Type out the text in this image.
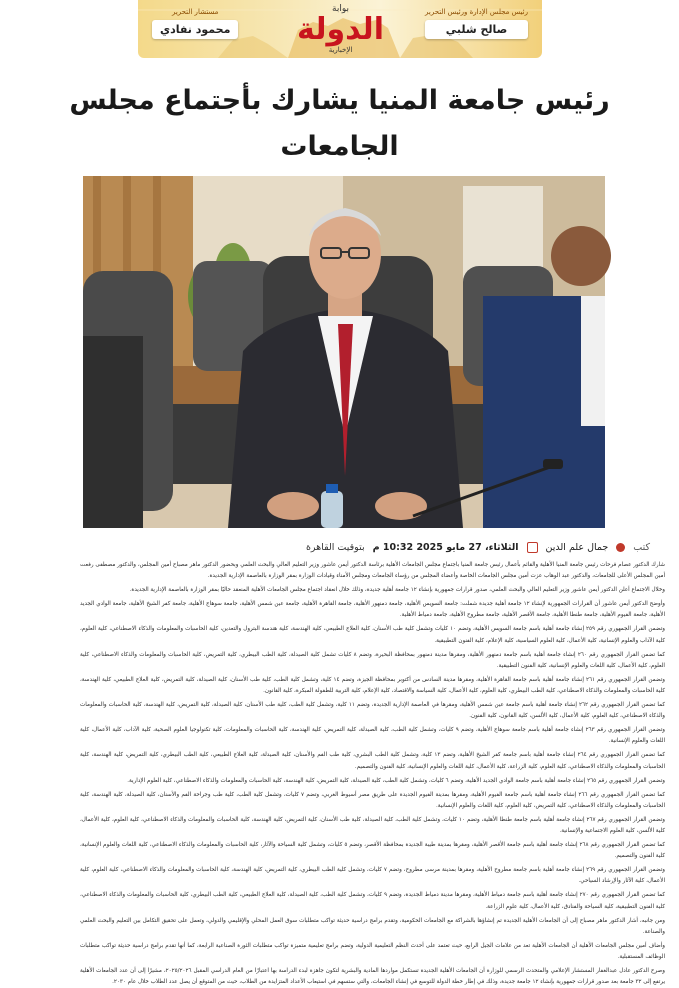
مستشار التحرير
محمود نفادي
بوابة
الدولة
الإخبارية
رئيس مجلس الإدارة ورئيس التحرير
صالح شلبي
رئيس جامعة المنيا يشارك بأجتماع مجلس الجامعات
كتب
جمال علم الدين
الثلاثاء، 27 مايو 2025 10:32 م
بتوقيت القاهرة

شارك الدكتور عصام فرحات رئيس جامعة المنيا الأهلية والقائم بأعمال رئيس جامعة المنيا باجتماع مجلس الجامعات الأهلية برئاسة الدكتور أيمن عاشور وزير التعليم العالي والبحث العلمي وبحضور الدكتور ماهر مصباح أمين المجلس، والدكتور مصطفى رفعت أمين المجلس الأعلى للجامعات، والدكتور عبد الوهاب عزت أمين مجلس الجامعات الخاصة وأعضاء المجلس من رؤساء الجامعات ومجلس الأمناء وقيادات الوزارة بمقر الوزارة بالعاصمة الإدارية الجديدة.

وخلال الاجتماع أعلن الدكتور أيمن عاشور وزير التعليم العالي والبحث العلمي، صدور قرارات جمهورية بإنشاء ١٢ جامعة أهلية جديدة، وذلك خلال انعقاد اجتماع مجلس الجامعات الأهلية المنعقد حاليًا بمقر الوزارة بالعاصمة الإدارية الجديدة.

وأوضح الدكتور أيمن عاشور أن القرارات الجمهورية لإنشاء ١٢ جامعة أهلية جديدة شملت: جامعة السويس الأهلية، جامعة دمنهور الأهلية، جامعة القاهرة الأهلية، جامعة عين شمس الأهلية، جامعة سوهاج الأهلية، جامعة كفر الشيخ الأهلية، جامعة الوادي الجديد الأهلية، جامعة الفيوم الأهلية، جامعة طنطا الأهلية، جامعة الأقصر الأهلية، جامعة مطروح الأهلية، جامعة دمياط الأهلية.

وتضمن القرار الجمهوري رقم ٢٥٩ إنشاء جامعة أهلية باسم جامعة السويس الأهلية، وتضم ١٠ كليات وتشمل كلية طب الأسنان، كلية العلاج الطبيعي، كلية الهندسة، كلية هندسة البترول والتعدين، كلية الحاسبات والمعلومات والذكاء الاصطناعي، كلية العلوم، كلية الآداب والعلوم الإنسانية، كلية الأعمال، كلية العلوم السياسية، كلية الإعلام، كلية الفنون التطبيقية.

كما تضمن القرار الجمهوري رقم ٢٦٠ إنشاء جامعة أهلية باسم جامعة دمنهور الأهلية، ومقرها مدينة دمنهور بمحافظة البحيرة، وتضم ٨ كليات تشمل كلية الصيدلة، كلية الطب البيطري، كلية التمريض، كلية الحاسبات والمعلومات والذكاء الاصطناعي، كلية العلوم، كلية الأعمال، كلية اللغات والعلوم الإنسانية، كلية الفنون التطبيقية.

وتضمن القرار الجمهوري رقم ٢٦١ إنشاء جامعة أهلية باسم جامعة القاهرة الأهلية، ومقرها مدينة السادس من أكتوبر بمحافظة الجيزة، وتضم ١٤ كلية، وتشمل كلية الطب، كلية طب الأسنان، كلية الصيدلة، كلية التمريض، كلية العلاج الطبيعي، كلية الهندسة، كلية الحاسبات والمعلومات والذكاء الاصطناعي، كلية الطب البيطري، كلية العلوم، كلية الأعمال، كلية السياسة والاقتصاد، كلية الإعلام، كلية التربية للطفولة المبكرة، كلية القانون.

كما تضمن القرار الجمهوري رقم ٢٦٢ إنشاء جامعة أهلية باسم جامعة عين شمس الأهلية، ومقرها في العاصمة الإدارية الجديدة، وتضم ١١ كلية، وتشمل كلية الطب، كلية طب الأسنان، كلية الصيدلة، كلية التمريض، كلية الهندسة، كلية الحاسبات والمعلومات والذكاء الاصطناعي، كلية العلوم، كلية الأعمال، كلية الألسن، كلية القانون، كلية الفنون.

وتضمن القرار الجمهوري رقم ٢٦٣ إنشاء جامعة أهلية باسم جامعة سوهاج الأهلية، وتضم ٩ كليات، وتشمل كلية الطب، كلية الصيدلة، كلية التمريض، كلية الهندسة، كلية الحاسبات والمعلومات، كلية تكنولوجيا العلوم الصحية، كلية الآداب، كلية الأعمال، كلية اللغات والعلوم الإنسانية.

كما تضمن القرار الجمهوري رقم ٢٦٤ إنشاء جامعة أهلية باسم جامعة كفر الشيخ الأهلية، وتضم ١٣ كلية، وتشمل كلية الطب البشري، كلية طب الفم والأسنان، كلية الصيدلة، كلية العلاج الطبيعي، كلية الطب البيطري، كلية التمريض، كلية الهندسة، كلية الحاسبات والمعلومات والذكاء الاصطناعي، كلية العلوم، كلية الزراعة، كلية الأعمال، كلية اللغات والعلوم الإنسانية، كلية الفنون والتصميم.

وتضمن القرار الجمهوري رقم ٢٦٥ إنشاء جامعة أهلية باسم جامعة الوادي الجديد الأهلية، وتضم ٦ كليات، وتشمل كلية الطب، كلية الصيدلة، كلية التمريض، كلية الهندسة، كلية الحاسبات والمعلومات والذكاء الاصطناعي، كلية العلوم الإدارية.

كما تضمن القرار الجمهوري رقم ٢٦٦ إنشاء جامعة أهلية باسم جامعة الفيوم الأهلية، ومقرها بمدينة الفيوم الجديدة على طريق مصر أسيوط الغربي، وتضم ٧ كليات، وتشمل كلية الطب، كلية طب وجراحة الفم والأسنان، كلية الصيدلة، كلية الهندسة، كلية الحاسبات والمعلومات والذكاء الاصطناعي، كلية التمريض، كلية العلوم، كلية اللغات والعلوم الإنسانية.

وتضمن القرار الجمهوري رقم ٢٦٧ إنشاء جامعة أهلية باسم جامعة طنطا الأهلية، وتضم ١٠ كليات، وتشمل كلية الطب، كلية الصيدلة، كلية طب الأسنان، كلية التمريض، كلية الهندسة، كلية الحاسبات والمعلومات والذكاء الاصطناعي، كلية العلوم، كلية الأعمال، كلية الألسن، كلية العلوم الاجتماعية والإنسانية.

كما تضمن القرار الجمهوري رقم ٢٦٨ إنشاء جامعة أهلية باسم جامعة الأقصر الأهلية، ومقرها بمدينة طيبة الجديدة بمحافظة الأقصر، وتضم ٥ كليات، وتشمل كلية السياحة والآثار، كلية الحاسبات والمعلومات والذكاء الاصطناعي، كلية اللغات والعلوم الإنسانية، كلية الفنون والتصميم.

وتضمن القرار الجمهوري رقم ٢٦٩ إنشاء جامعة أهلية باسم جامعة مطروح الأهلية، ومقرها بمدينة مرسى مطروح، وتضم ٧ كليات، وتشمل كلية الطب البيطري، كلية التمريض، كلية الهندسة، كلية الحاسبات والمعلومات والذكاء الاصطناعي، كلية العلوم، كلية الأعمال، كلية الآثار والإرشاد السياحي.

كما تضمن القرار الجمهوري رقم ٢٧٠ إنشاء جامعة أهلية باسم جامعة دمياط الأهلية، ومقرها مدينة دمياط الجديدة، وتضم ٩ كليات، وتشمل كلية الطب، كلية الصيدلة، كلية العلاج الطبيعي، كلية الطب البيطري، كلية الحاسبات والمعلومات والذكاء الاصطناعي، كلية الفنون التطبيقية، كلية السياحة والفنادق، كلية الأعمال، كلية علوم الزراعة.

ومن جانبه، أشار الدكتور ماهر مصباح إلى أن الجامعات الأهلية الجديدة تم إنشاؤها بالشراكة مع الجامعات الحكومية، وتقدم برامج دراسية حديثة تواكب متطلبات سوق العمل المحلي والإقليمي والدولي، وتعمل على تحقيق التكامل بين التعليم والبحث العلمي والصناعة.

وأضاف أمين مجلس الجامعات الأهلية أن الجامعات الأهلية تعد من علامات الجيل الرابع، حيث تعتمد على أحدث النظم التعليمية الدولية، وتضم برامج تعليمية متميزة تواكب متطلبات الثورة الصناعية الرابعة، كما أنها تقدم برامج دراسية حديثة تواكب متطلبات الوظائف المستقبلية.

وصرح الدكتور عادل عبدالغفار المستشار الإعلامي والمتحدث الرسمي للوزارة أن الجامعات الأهلية الجديدة تستكمل مواردها المادية والبشرية لتكون جاهزة لبدء الدراسة بها اعتبارًا من العام الدراسي المقبل ٢٠٢٥/٢٠٢٦، مشيرًا إلى أن عدد الجامعات الأهلية يرتفع إلى ٣٢ جامعة بعد صدور قرارات جمهورية بإنشاء ١٢ جامعة جديدة، وذلك في إطار خطة الدولة للتوسع في إنشاء الجامعات، والتي ستسهم في استيعاب الأعداد المتزايدة من الطلاب، حيث من المتوقع أن يصل عدد الطلاب خلال عام ٢٠٣٠.
